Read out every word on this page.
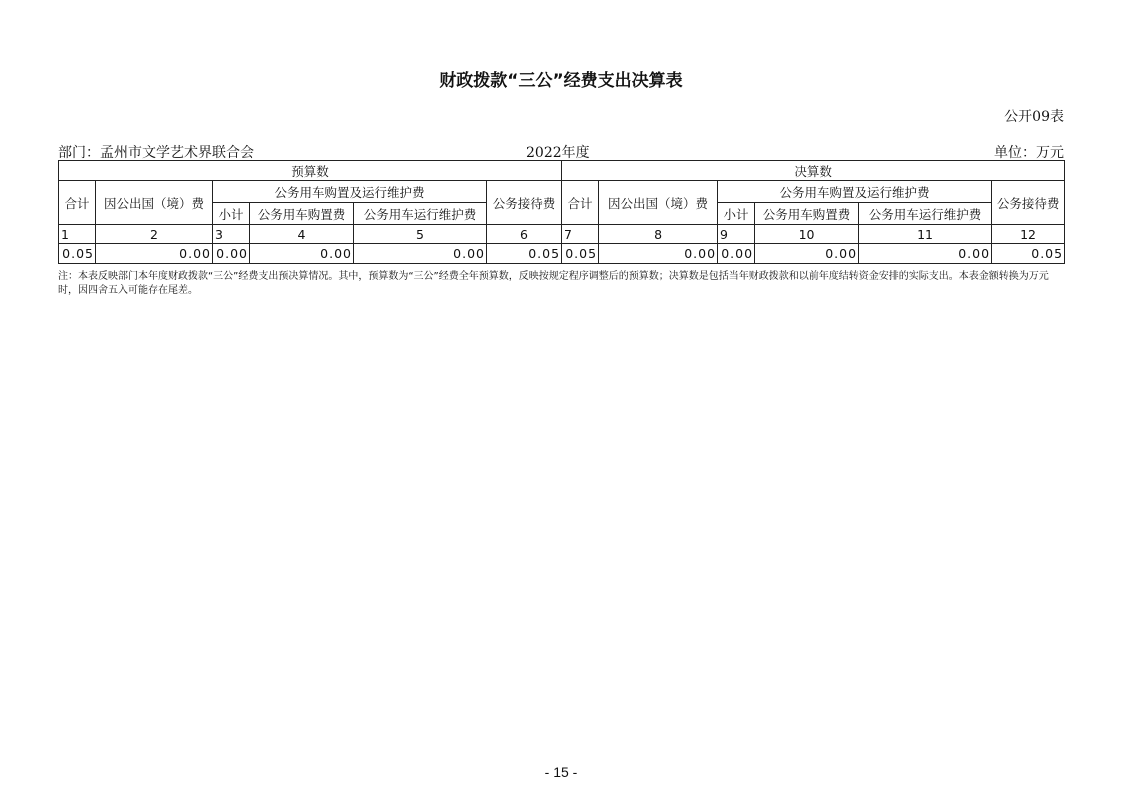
财政拨款“三公”经费支出决算表
公开09表
部门：孟州市文学艺术界联合会	2022年度	单位：万元
预算数						决算数					
合计	因公出国（境）费	公务用车购置及运行维护费			公务接待费	合计	因公出国（境）费	公务用车购置及运行维护费			公务接待费
		小计	公务用车购置费	公务用车运行维护费				小计	公务用车购置费	公务用车运行维护费	
1	2	3	4	5	6	7	8	9	10	11	12
0.05	0.00	0.00	0.00	0.00	0.05	0.05	0.00	0.00	0.00	0.00	0.05
注：本表反映部门本年度财政拨款“三公”经费支出预决算情况。其中，预算数为“三公”经费全年预算数，反映按规定程序调整后的预算数；决算数是包括当年财政拨款和以前年度结转资金安排的实际支出。本表金额转换为万元时，因四舍五入可能存在尾差。
- 15 -
